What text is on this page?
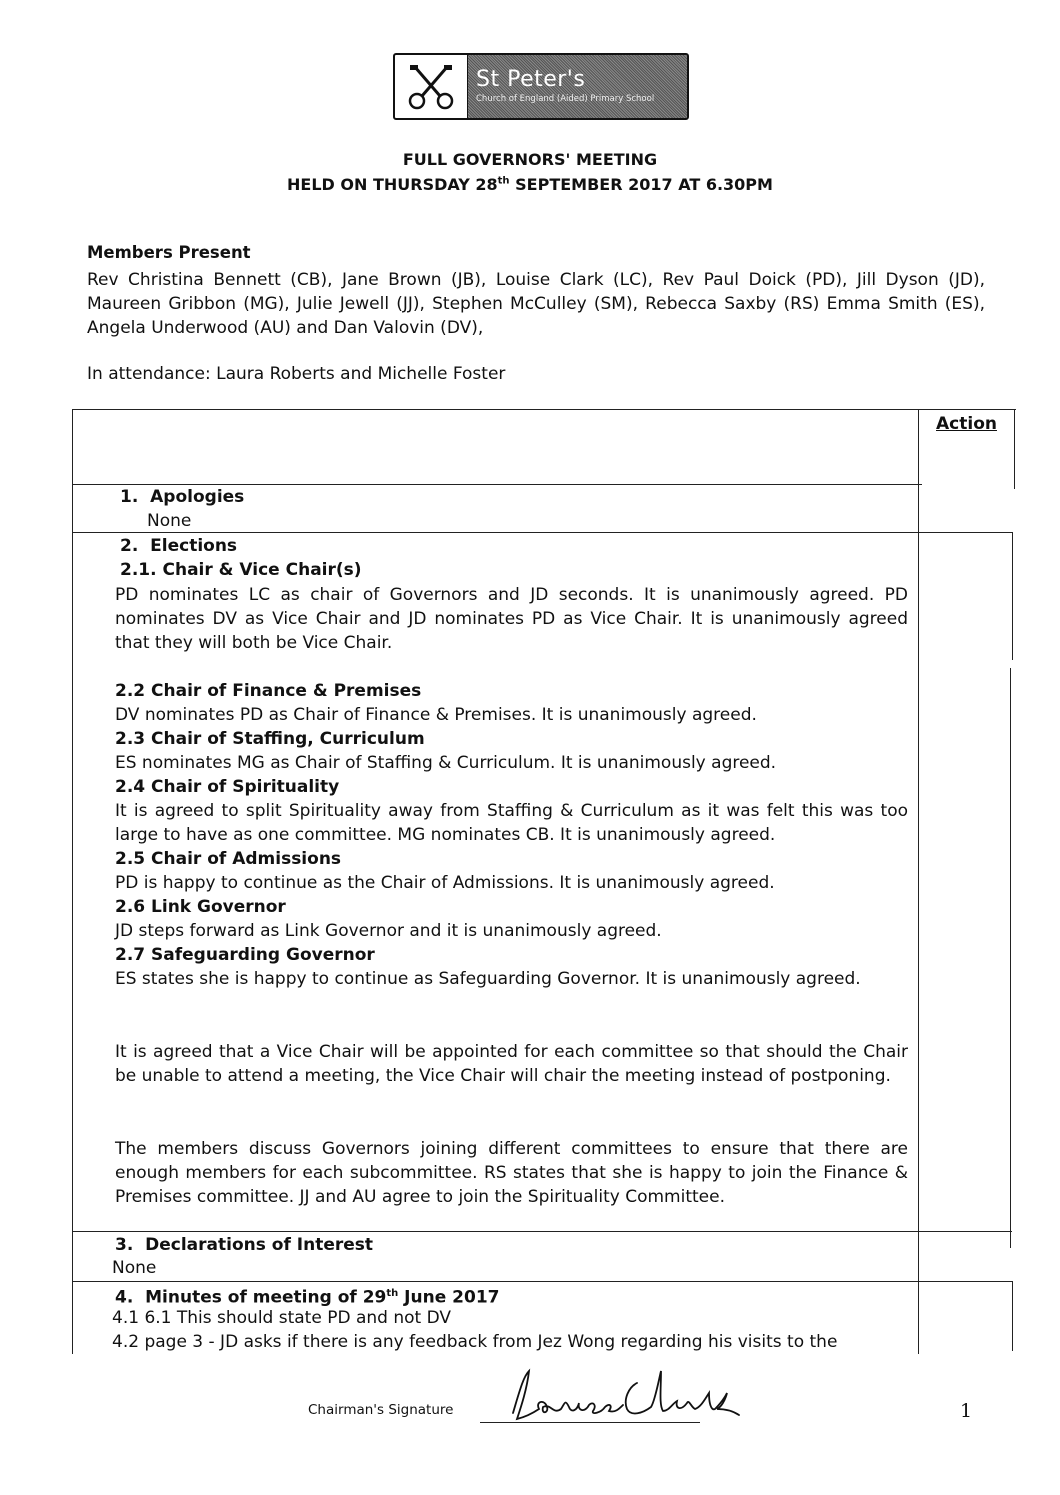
St Peter's
Church of England (Aided) Primary School
FULL GOVERNORS' MEETING
HELD ON THURSDAY 28th SEPTEMBER 2017 AT 6.30PM
Members Present
Rev Christina Bennett (CB), Jane Brown (JB), Louise Clark (LC), Rev Paul Doick (PD), Jill Dyson (JD), Maureen Gribbon (MG), Julie Jewell (JJ), Stephen McCulley (SM), Rebecca Saxby (RS) Emma Smith (ES), Angela Underwood (AU) and Dan Valovin (DV),
In attendance: Laura Roberts and Michelle Foster
Action
1. Apologies
None
2. Elections
2.1. Chair & Vice Chair(s)
PD nominates LC as chair of Governors and JD seconds. It is unanimously agreed. PD nominates DV as Vice Chair and JD nominates PD as Vice Chair. It is unanimously agreed that they will both be Vice Chair.
2.2 Chair of Finance & Premises
DV nominates PD as Chair of Finance & Premises. It is unanimously agreed.
2.3 Chair of Staffing, Curriculum
ES nominates MG as Chair of Staffing & Curriculum. It is unanimously agreed.
2.4 Chair of Spirituality
It is agreed to split Spirituality away from Staffing & Curriculum as it was felt this was too large to have as one committee. MG nominates CB. It is unanimously agreed.
2.5 Chair of Admissions
PD is happy to continue as the Chair of Admissions. It is unanimously agreed.
2.6 Link Governor
JD steps forward as Link Governor and it is unanimously agreed.
2.7 Safeguarding Governor
ES states she is happy to continue as Safeguarding Governor. It is unanimously agreed.
It is agreed that a Vice Chair will be appointed for each committee so that should the Chair be unable to attend a meeting, the Vice Chair will chair the meeting instead of postponing.
The members discuss Governors joining different committees to ensure that there are enough members for each subcommittee. RS states that she is happy to join the Finance & Premises committee. JJ and AU agree to join the Spirituality Committee.
3. Declarations of Interest
None
4. Minutes of meeting of 29th June 2017
4.1 6.1 This should state PD and not DV
4.2 page 3 - JD asks if there is any feedback from Jez Wong regarding his visits to the
Chairman's Signature	1
